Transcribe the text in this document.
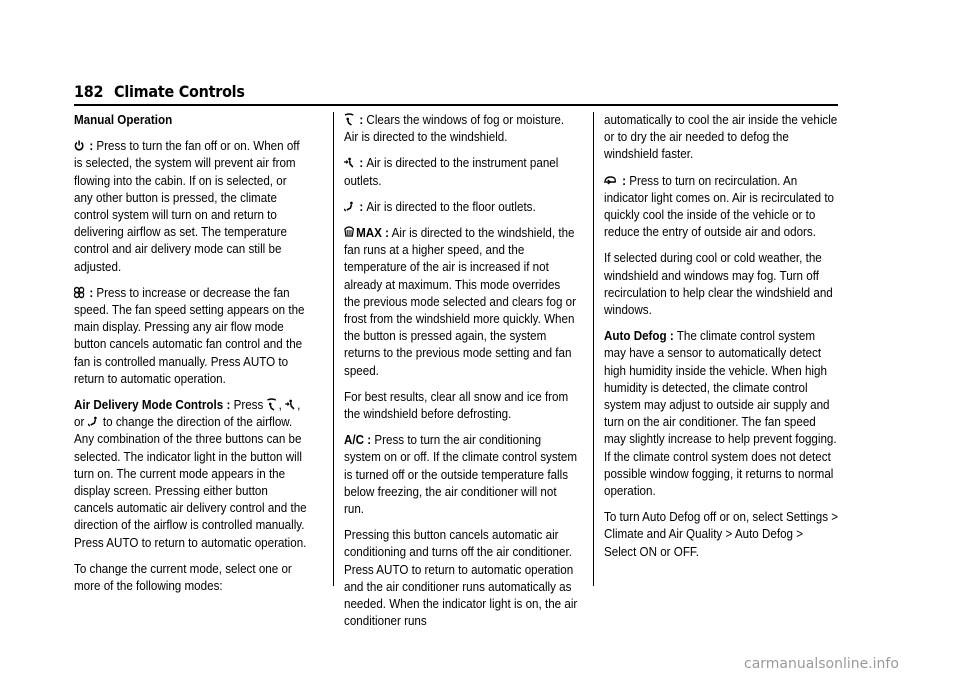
182 Climate Controls

Manual Operation

: Press to turn the fan off or on. When off is selected, the system will prevent air from flowing into the cabin. If on is selected, or any other button is pressed, the climate control system will turn on and return to delivering airflow as set. The temperature control and air delivery mode can still be adjusted.

: Press to increase or decrease the fan speed. The fan speed setting appears on the main display. Pressing any air flow mode button cancels automatic fan control and the fan is controlled manually. Press AUTO to return to automatic operation.

Air Delivery Mode Controls : Press , ,
or to change the direction of the airflow. Any combination of the three buttons can be selected. The indicator light in the button will turn on. The current mode appears in the display screen. Pressing either button cancels automatic air delivery control and the direction of the airflow is controlled manually. Press AUTO to return to automatic operation.

To change the current mode, select one or more of the following modes:

: Clears the windows of fog or moisture. Air is directed to the windshield.

: Air is directed to the instrument panel outlets.

: Air is directed to the floor outlets.

MAX : Air is directed to the windshield, the fan runs at a higher speed, and the temperature of the air is increased if not already at maximum. This mode overrides the previous mode selected and clears fog or frost from the windshield more quickly. When the button is pressed again, the system returns to the previous mode setting and fan speed.

For best results, clear all snow and ice from the windshield before defrosting.

A/C : Press to turn the air conditioning system on or off. If the climate control system is turned off or the outside temperature falls below freezing, the air conditioner will not run.

Pressing this button cancels automatic air conditioning and turns off the air conditioner. Press AUTO to return to automatic operation and the air conditioner runs automatically as needed. When the indicator light is on, the air conditioner runs

automatically to cool the air inside the vehicle or to dry the air needed to defog the windshield faster.

: Press to turn on recirculation. An indicator light comes on. Air is recirculated to quickly cool the inside of the vehicle or to reduce the entry of outside air and odors.

If selected during cool or cold weather, the windshield and windows may fog. Turn off recirculation to help clear the windshield and windows.

Auto Defog : The climate control system may have a sensor to automatically detect high humidity inside the vehicle. When high humidity is detected, the climate control system may adjust to outside air supply and turn on the air conditioner. The fan speed may slightly increase to help prevent fogging. If the climate control system does not detect possible window fogging, it returns to normal operation.

To turn Auto Defog off or on, select Settings > Climate and Air Quality > Auto Defog > Select ON or OFF.

carmanualsonline.info
